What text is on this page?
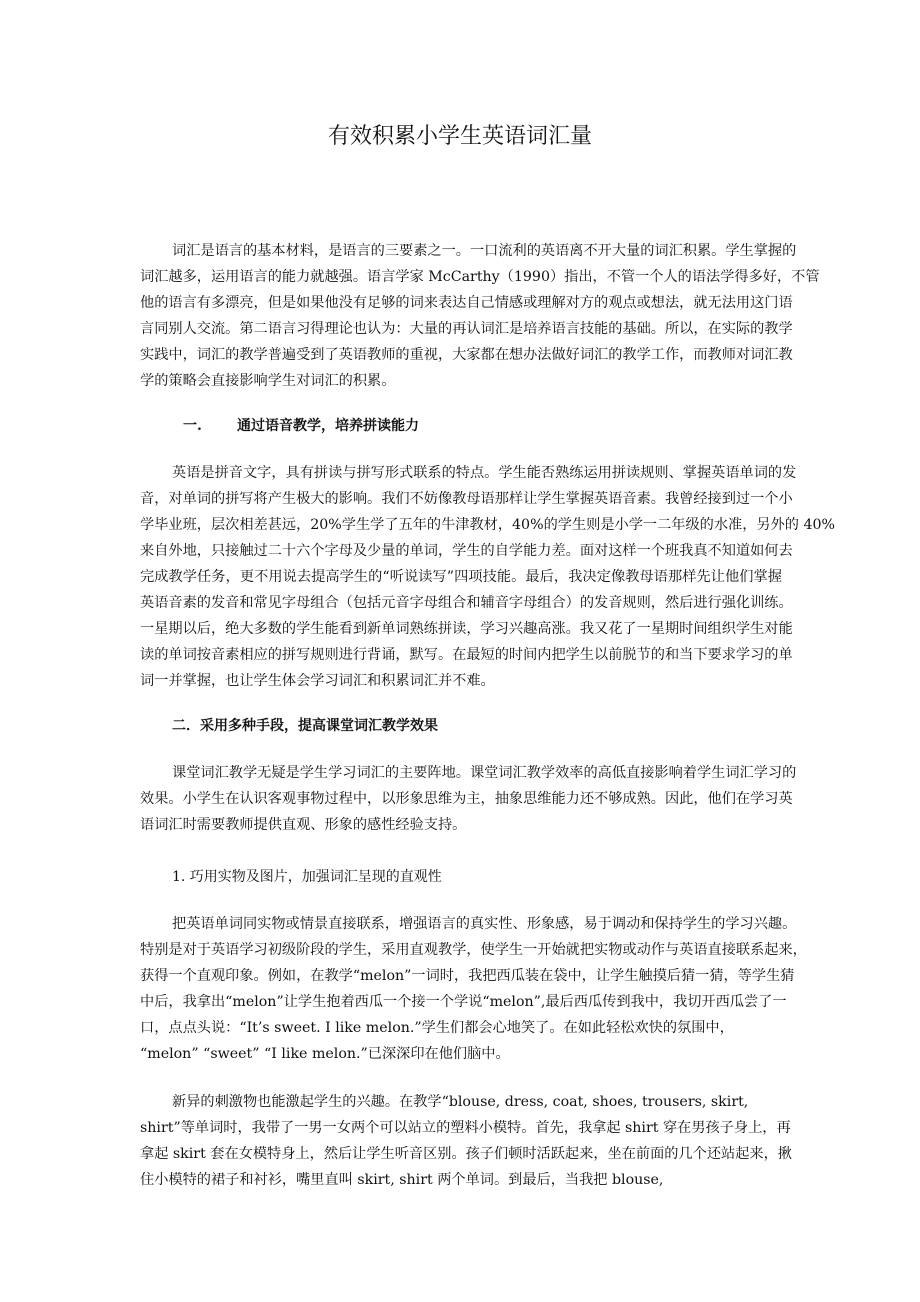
有效积累小学生英语词汇量
词汇是语言的基本材料，是语言的三要素之一。一口流利的英语离不开大量的词汇积累。学生掌握的
词汇越多，运用语言的能力就越强。语言学家 McCarthy（1990）指出，不管一个人的语法学得多好，不管
他的语言有多漂亮，但是如果他没有足够的词来表达自己情感或理解对方的观点或想法，就无法用这门语
言同别人交流。第二语言习得理论也认为：大量的再认词汇是培养语言技能的基础。所以，在实际的教学
实践中，词汇的教学普遍受到了英语教师的重视，大家都在想办法做好词汇的教学工作，而教师对词汇教
学的策略会直接影响学生对词汇的积累。
一.	通过语音教学，培养拼读能力
英语是拼音文字，具有拼读与拼写形式联系的特点。学生能否熟练运用拼读规则、掌握英语单词的发
音，对单词的拼写将产生极大的影响。我们不妨像教母语那样让学生掌握英语音素。我曾经接到过一个小
学毕业班，层次相差甚远，20%学生学了五年的牛津教材，40%的学生则是小学一二年级的水准，另外的 40%
来自外地，只接触过二十六个字母及少量的单词，学生的自学能力差。面对这样一个班我真不知道如何去
完成教学任务，更不用说去提高学生的“听说读写”四项技能。最后，我决定像教母语那样先让他们掌握
英语音素的发音和常见字母组合（包括元音字母组合和辅音字母组合）的发音规则，然后进行强化训练。
一星期以后，绝大多数的学生能看到新单词熟练拼读，学习兴趣高涨。我又花了一星期时间组织学生对能
读的单词按音素相应的拼写规则进行背诵，默写。在最短的时间内把学生以前脱节的和当下要求学习的单
词一并掌握，也让学生体会学习词汇和积累词汇并不难。
二．采用多种手段，提高课堂词汇教学效果
课堂词汇教学无疑是学生学习词汇的主要阵地。课堂词汇教学效率的高低直接影响着学生词汇学习的
效果。小学生在认识客观事物过程中，以形象思维为主，抽象思维能力还不够成熟。因此，他们在学习英
语词汇时需要教师提供直观、形象的感性经验支持。
1. 巧用实物及图片，加强词汇呈现的直观性
把英语单词同实物或情景直接联系，增强语言的真实性、形象感，易于调动和保持学生的学习兴趣。
特别是对于英语学习初级阶段的学生，采用直观教学，使学生一开始就把实物或动作与英语直接联系起来，
获得一个直观印象。例如，在教学“melon”一词时，我把西瓜装在袋中，让学生触摸后猜一猜，等学生猜
中后，我拿出“melon”让学生抱着西瓜一个接一个学说“melon”,最后西瓜传到我中，我切开西瓜尝了一
口，点点头说：“It’s sweet. I like melon.”学生们都会心地笑了。在如此轻松欢快的氛围中，
“melon” “sweet” “I like melon.”已深深印在他们脑中。
新异的刺激物也能激起学生的兴趣。在教学“blouse, dress, coat, shoes, trousers, skirt,
shirt”等单词时，我带了一男一女两个可以站立的塑料小模特。首先，我拿起 shirt 穿在男孩子身上，再
拿起 skirt 套在女模特身上，然后让学生听音区别。孩子们顿时活跃起来，坐在前面的几个还站起来，揪
住小模特的裙子和衬衫，嘴里直叫 skirt, shirt 两个单词。到最后，当我把 blouse,
